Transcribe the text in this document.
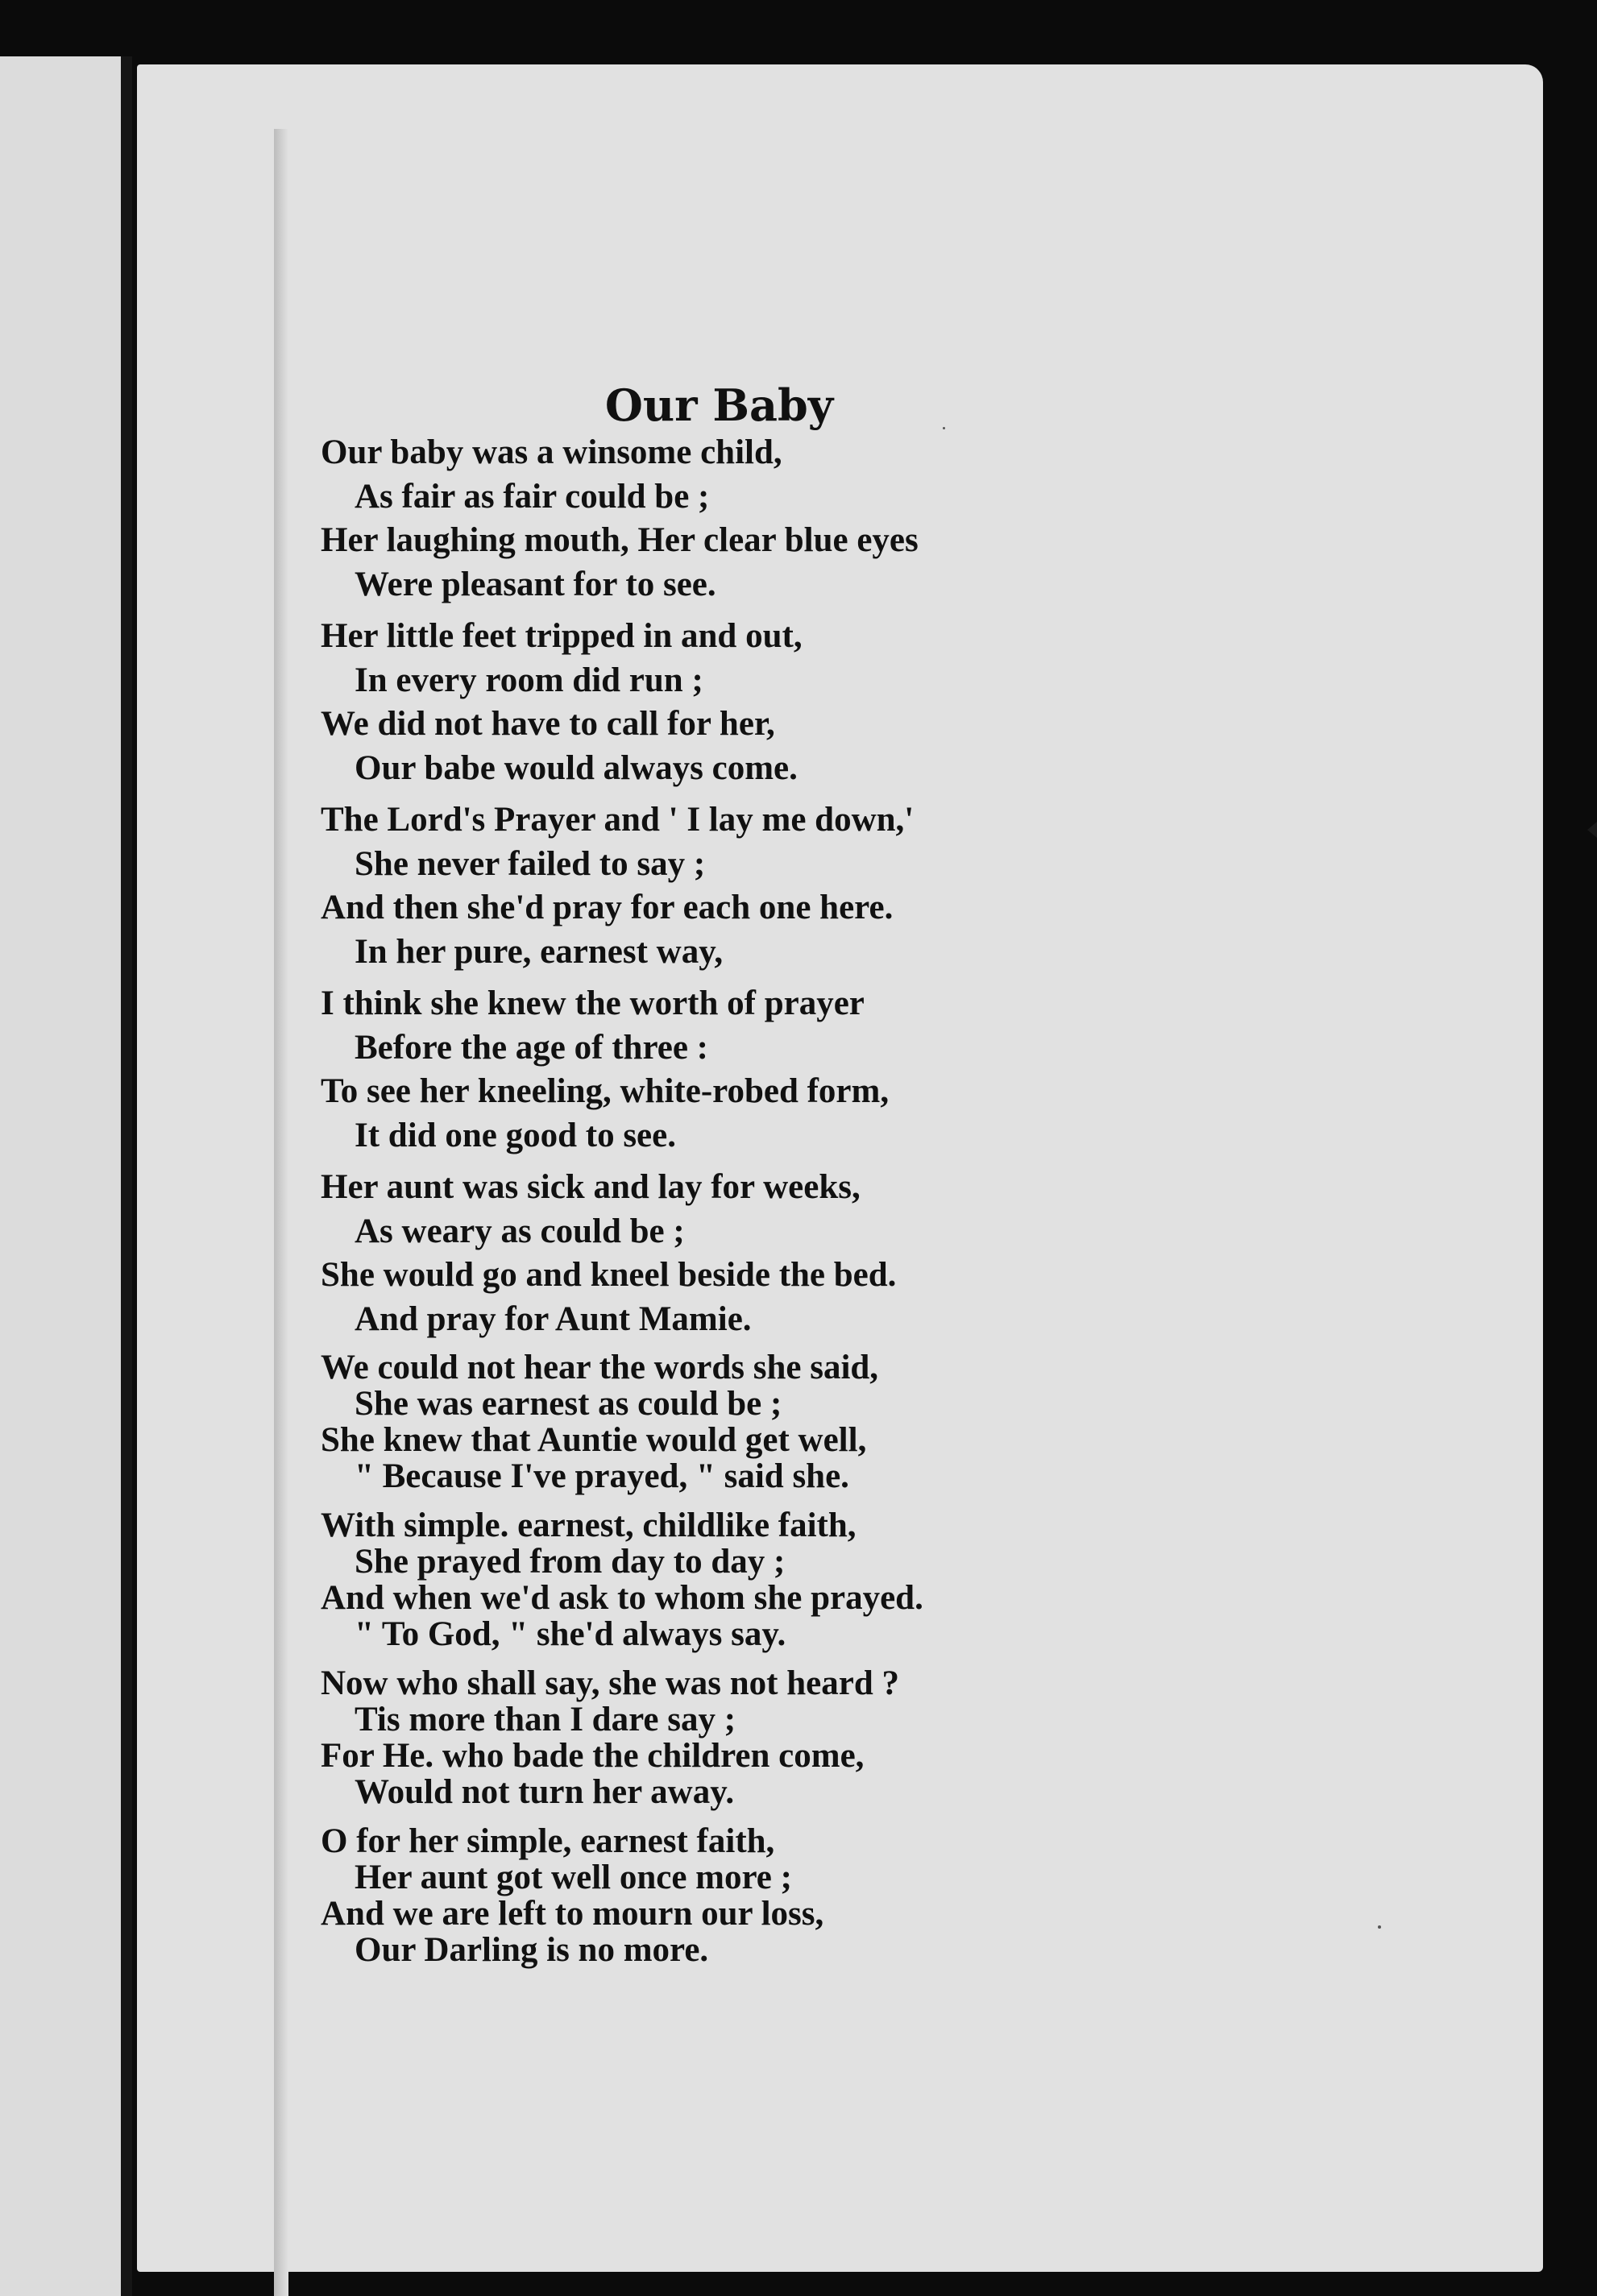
Our Baby
Our baby was a winsome child,
As fair as fair could be ;
Her laughing mouth, Her clear blue eyes
Were pleasant for to see.
Her little feet tripped in and out,
In every room did run ;
We did not have to call for her,
Our babe would always come.
The Lord's Prayer and ' I lay me down,'
She never failed to say ;
And then she'd pray for each one here.
In her pure, earnest way,
I think she knew the worth of prayer
Before the age of three :
To see her kneeling, white-robed form,
It did one good to see.
Her aunt was sick and lay for weeks,
As weary as could be ;
She would go and kneel beside the bed.
And pray for Aunt Mamie.
We could not hear the words she said,
She was earnest as could be ;
She knew that Auntie would get well,
" Because I've prayed, " said she.
With simple. earnest, childlike faith,
She prayed from day to day ;
And when we'd ask to whom she prayed.
" To God, " she'd always say.
Now who shall say, she was not heard ?
Tis more than I dare say ;
For He. who bade the children come,
Would not turn her away.
O for her simple, earnest faith,
Her aunt got well once more ;
And we are left to mourn our loss,
Our Darling is no more.
